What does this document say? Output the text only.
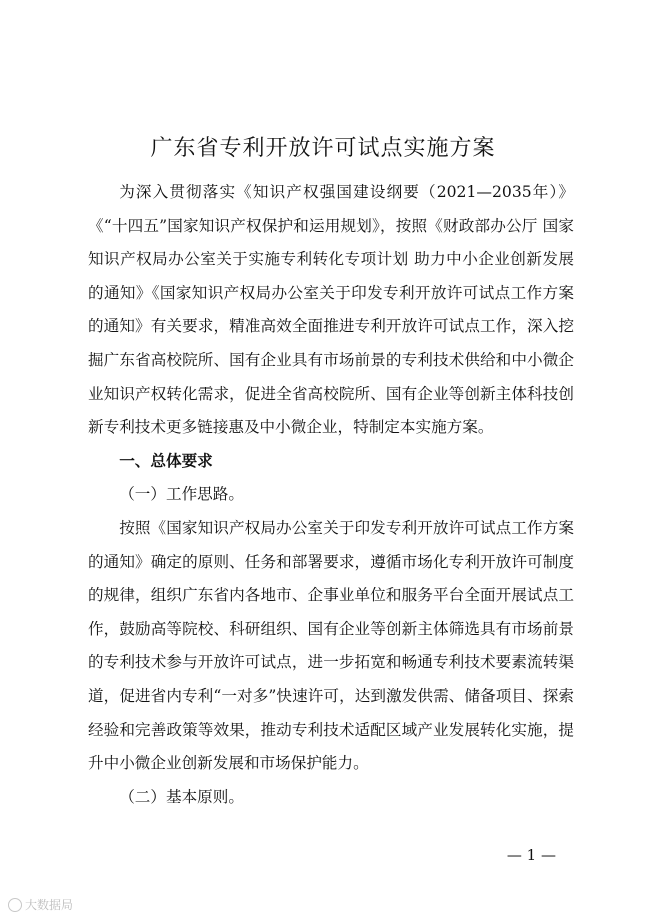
广东省专利开放许可试点实施方案

为深入贯彻落实《知识产权强国建设纲要（2021—2035年）》《“十四五”国家知识产权保护和运用规划》，按照《财政部办公厅 国家知识产权局办公室关于实施专利转化专项计划 助力中小企业创新发展的通知》《国家知识产权局办公室关于印发专利开放许可试点工作方案的通知》有关要求，精准高效全面推进专利开放许可试点工作，深入挖掘广东省高校院所、国有企业具有市场前景的专利技术供给和中小微企业知识产权转化需求，促进全省高校院所、国有企业等创新主体科技创新专利技术更多链接惠及中小微企业，特制定本实施方案。

一、总体要求

（一）工作思路。

按照《国家知识产权局办公室关于印发专利开放许可试点工作方案的通知》确定的原则、任务和部署要求，遵循市场化专利开放许可制度的规律，组织广东省内各地市、企事业单位和服务平台全面开展试点工作，鼓励高等院校、科研组织、国有企业等创新主体筛选具有市场前景的专利技术参与开放许可试点，进一步拓宽和畅通专利技术要素流转渠道，促进省内专利“一对多”快速许可，达到激发供需、储备项目、探索经验和完善政策等效果，推动专利技术适配区域产业发展转化实施，提升中小微企业创新发展和市场保护能力。

（二）基本原则。

— 1 —
大数据局
